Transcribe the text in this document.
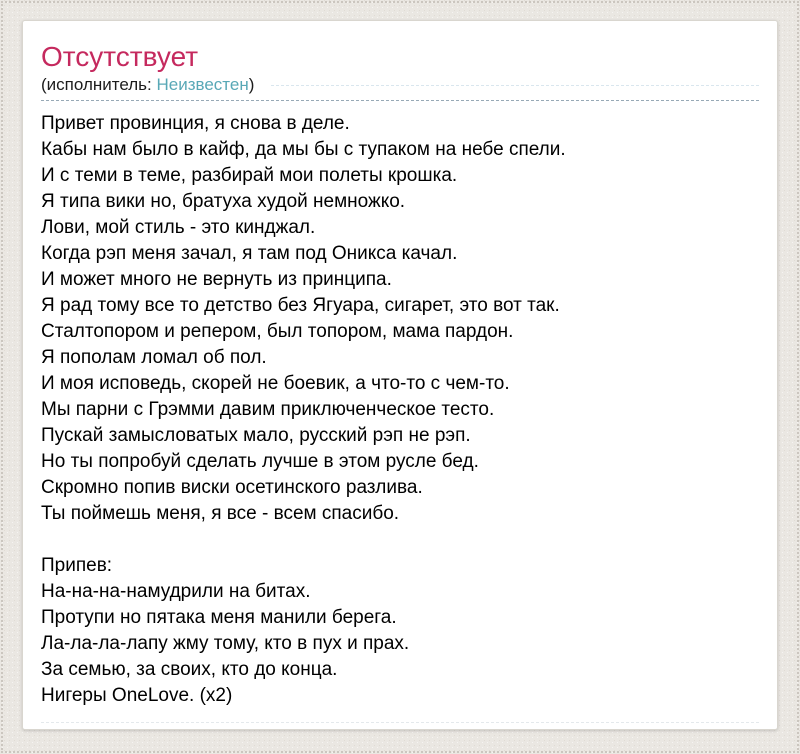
Отсутствует
(исполнитель: Неизвестен)
Привет провинция, я снова в деле.
Кабы нам было в кайф, да мы бы с тупаком на небе спели.
И с теми в теме, разбирай мои полеты крошка.
Я типа вики но, братуха худой немножко.
Лови, мой стиль - это кинджал.
Когда рэп меня зачал, я там под Оникса качал.
И может много не вернуть из принципа.
Я рад тому все то детство без Ягуара, сигарет, это вот так.
Сталтопором и репером, был топором, мама пардон.
Я пополам ломал об пол.
И моя исповедь, скорей не боевик, а что-то с чем-то.
Мы парни с Грэмми давим приключенческое тесто.
Пускай замысловатых мало, русский рэп не рэп.
Но ты попробуй сделать лучше в этом русле бед.
Скромно попив виски осетинского разлива.
Ты поймешь меня, я все - всем спасибо.

Припев:
На-на-на-намудрили на битах.
Протупи но пятака меня манили берега.
Ла-ла-ла-лапу жму тому, кто в пух и прах.
За семью, за своих, кто до конца.
Нигеры OneLove. (x2)
